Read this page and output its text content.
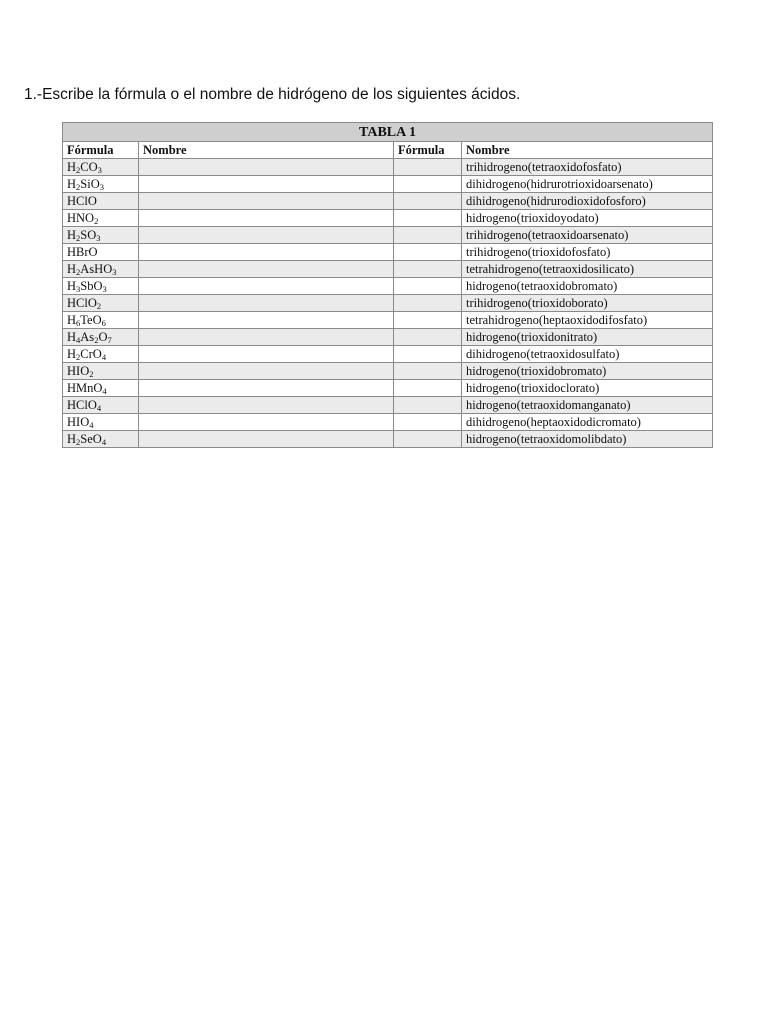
1.-Escribe la fórmula o el nombre de hidrógeno de los siguientes ácidos.

TABLA 1			
Fórmula	Nombre	Fórmula	Nombre
$H_2CO_3$			trihidrogeno(tetraoxidofosfato)
$H_2SiO_3$			dihidrogeno(hidrurotrioxidoarsenato)
HClO			dihidrogeno(hidrurodioxidofosforo)
$HNO_2$			hidrogeno(trioxidoyodato)
$H_2SO_3$			trihidrogeno(tetraoxidoarsenato)
HBrO			trihidrogeno(trioxidofosfato)
$H_2AsHO_3$			tetrahidrogeno(tetraoxidosilicato)
$H_3SbO_3$			hidrogeno(tetraoxidobromato)
HClO$_2$			trihidrogeno(trioxidoborato)
$H_6TeO_6$			tetrahidrogeno(heptaoxidodifosfato)
$H_4As_2O_7$			hidrogeno(trioxidonitrato)
$H_2CrO_4$			dihidrogeno(tetraoxidosulfato)
$HIO_2$			hidrogeno(trioxidobromato)
HMnO$_4$			hidrogeno(trioxidoclorato)
HClO$_4$			hidrogeno(tetraoxidomanganato)
$HIO_4$			dihidrogeno(heptaoxidodicromato)
$H_2SeO_4$			hidrogeno(tetraoxidomolibdato)
